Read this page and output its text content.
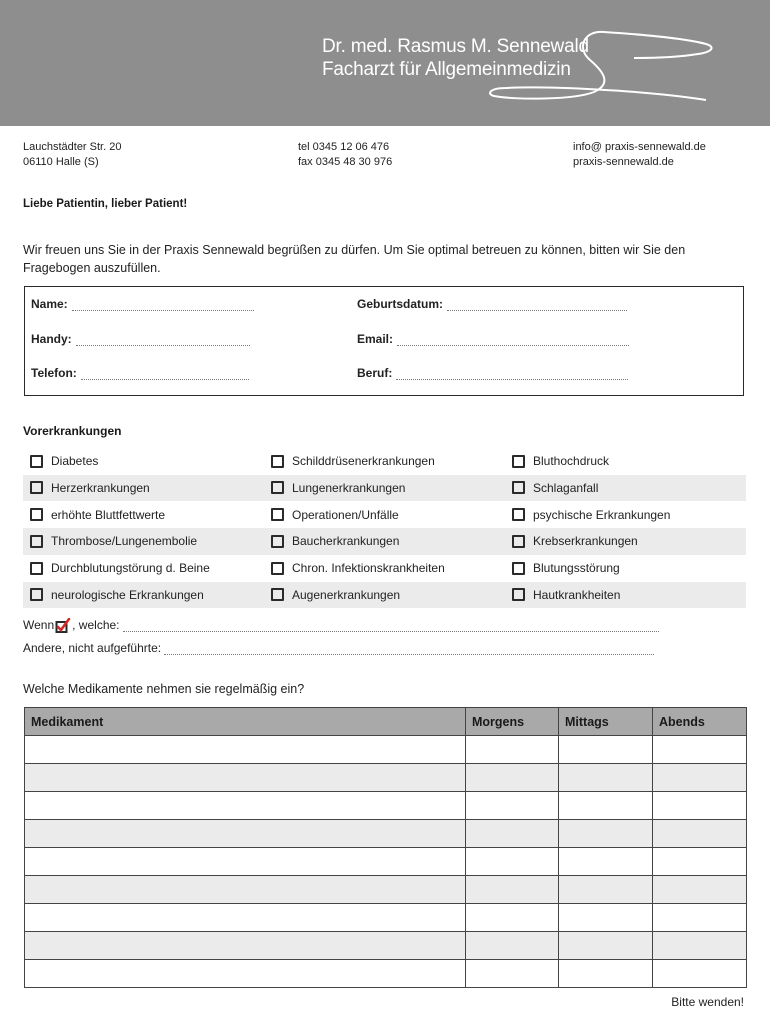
Dr. med. Rasmus M. Sennewald
Facharzt für Allgemeinmedizin
Lauchstädter Str. 20
06110 Halle (S)
tel 0345 12 06 476
fax 0345 48 30 976
info@ praxis-sennewald.de
praxis-sennewald.de
Liebe Patientin, lieber Patient!
Wir freuen uns Sie in der Praxis Sennewald begrüßen zu dürfen. Um Sie optimal betreuen zu können, bitten wir Sie den Fragebogen auszufüllen.
Name:	Geburtsdatum:
Handy:	Email:
Telefon:	Beruf:
Vorerkrankungen
Diabetes	Schilddrüsenerkrankungen	Bluthochdruck
Herzerkrankungen	Lungenerkrankungen	Schlaganfall
erhöhte Bluttfettwerte	Operationen/Unfälle	psychische Erkrankungen
Thrombose/Lungenembolie	Baucherkrankungen	Krebserkrankungen
Durchblutungstörung d. Beine	Chron. Infektionskrankheiten	Blutungsstörung
neurologische Erkrankungen	Augenerkrankungen	Hautkrankheiten
Wenn , welche:
Andere, nicht aufgeführte:
Welche Medikamente nehmen sie regelmäßig ein?
Medikament	Morgens	Mittags	Abends

Bitte wenden!
